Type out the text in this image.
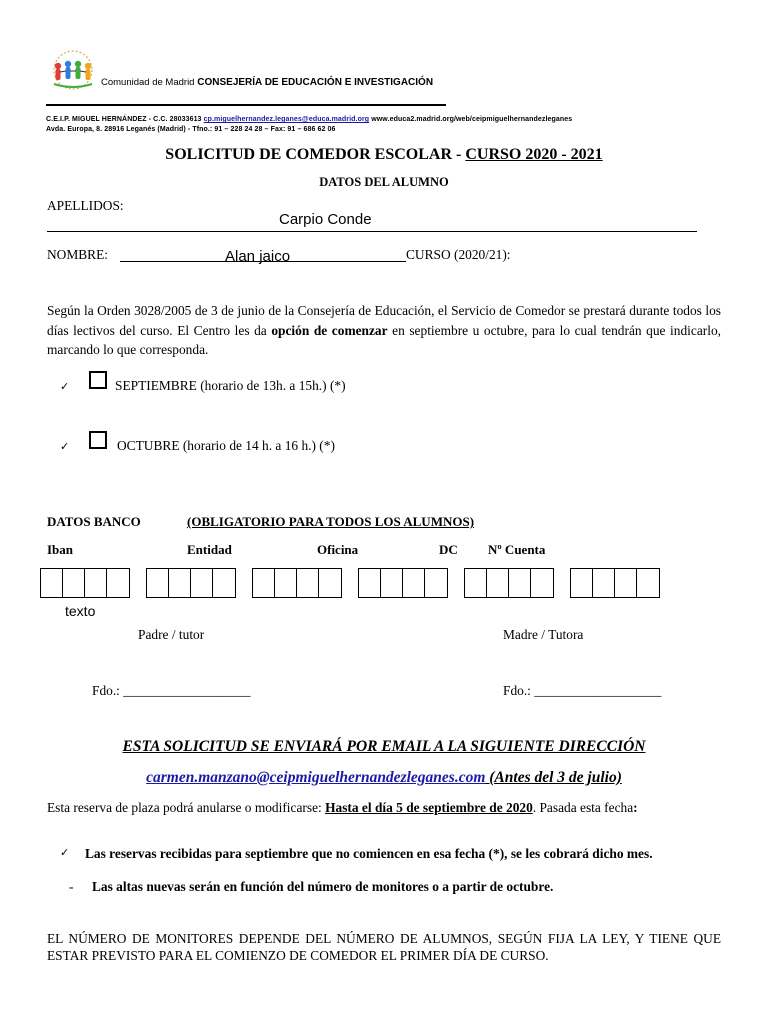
Comunidad de Madrid CONSEJERÍA DE EDUCACIÓN E INVESTIGACIÓN
C.E.I.P. MIGUEL HERNÁNDEZ - C.C. 28033613 cp.miguelhernandez.leganes@educa.madrid.org www.educa2.madrid.org/web/ceipmiguelhernandezleganes
Avda. Europa, 8. 28916 Leganés (Madrid) - Tfno.: 91 – 228 24 28 – Fax: 91 – 686 62 06
SOLICITUD DE COMEDOR ESCOLAR - CURSO 2020 - 2021
DATOS DEL ALUMNO
APELLIDOS:
Carpio Conde
NOMBRE:	Alan jaico	CURSO (2020/21):
Según la Orden 3028/2005 de 3 de junio de la Consejería de Educación, el Servicio de Comedor se prestará durante todos los días lectivos del curso. El Centro les da opción de comenzar en septiembre u octubre, para lo cual tendrán que indicarlo, marcando lo que corresponda.
✓	SEPTIEMBRE (horario de 13h. a 15h.) (*)
✓	OCTUBRE (horario de 14 h. a 16 h.) (*)
DATOS BANCO	(OBLIGATORIO PARA TODOS LOS ALUMNOS)
Iban	Entidad	Oficina	DC Nº Cuenta
texto
Padre / tutor	Madre / Tutora
Fdo.: ___________________	Fdo.: ___________________
ESTA SOLICITUD SE ENVIARÁ POR EMAIL A LA SIGUIENTE DIRECCIÓN
carmen.manzano@ceipmiguelhernandezleganes.com (Antes del 3 de julio)
Esta reserva de plaza podrá anularse o modificarse: Hasta el día 5 de septiembre de 2020. Pasada esta fecha:
✓ Las reservas recibidas para septiembre que no comiencen en esa fecha (*), se les cobrará dicho mes.
- Las altas nuevas serán en función del número de monitores o a partir de octubre.
EL NÚMERO DE MONITORES DEPENDE DEL NÚMERO DE ALUMNOS, SEGÚN FIJA LA LEY, Y TIENE QUE ESTAR PREVISTO PARA EL COMIENZO DE COMEDOR EL PRIMER DÍA DE CURSO.
